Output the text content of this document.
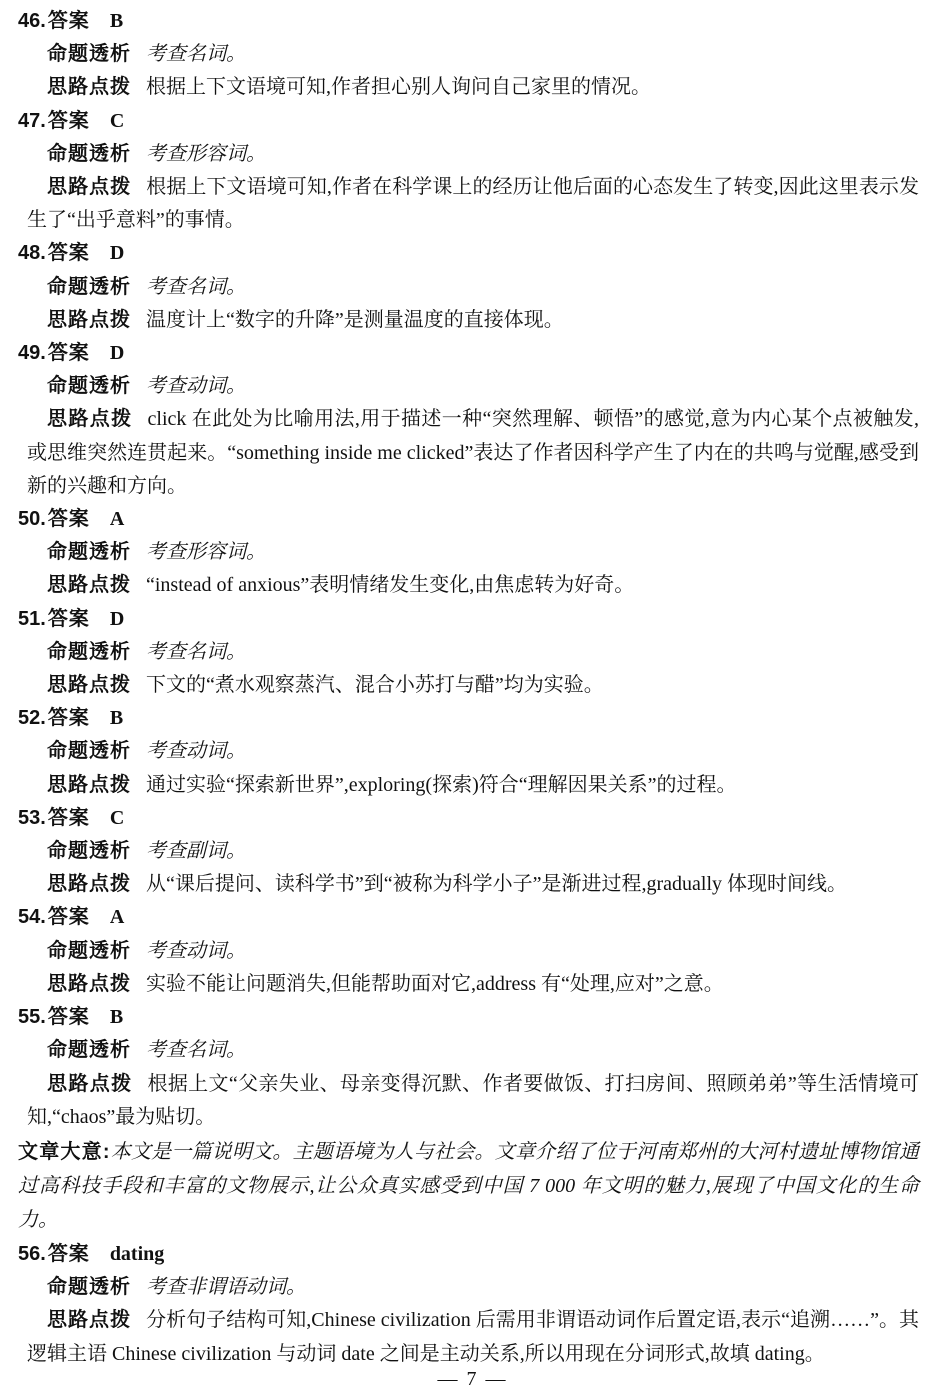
46. 答案 B
命题透析 考查名词。
思路点拨 根据上下文语境可知,作者担心别人询问自己家里的情况。
47. 答案 C
命题透析 考查形容词。
思路点拨 根据上下文语境可知,作者在科学课上的经历让他后面的心态发生了转变,因此这里表示发生了“出乎意料”的事情。
48. 答案 D
命题透析 考查名词。
思路点拨 温度计上“数字的升降”是测量温度的直接体现。
49. 答案 D
命题透析 考查动词。
思路点拨 click 在此处为比喻用法,用于描述一种“突然理解、顿悟”的感觉,意为内心某个点被触发,或思维突然连贯起来。“something inside me clicked”表达了作者因科学产生了内在的共鸣与觉醒,感受到新的兴趣和方向。
50. 答案 A
命题透析 考查形容词。
思路点拨 “instead of anxious”表明情绪发生变化,由焦虑转为好奇。
51. 答案 D
命题透析 考查名词。
思路点拨 下文的“煮水观察蒸汽、混合小苏打与醋”均为实验。
52. 答案 B
命题透析 考查动词。
思路点拨 通过实验“探索新世界”,exploring(探索)符合“理解因果关系”的过程。
53. 答案 C
命题透析 考查副词。
思路点拨 从“课后提问、读科学书”到“被称为科学小子”是渐进过程,gradually 体现时间线。
54. 答案 A
命题透析 考查动词。
思路点拨 实验不能让问题消失,但能帮助面对它,address 有“处理,应对”之意。
55. 答案 B
命题透析 考查名词。
思路点拨 根据上文“父亲失业、母亲变得沉默、作者要做饭、打扫房间、照顾弟弟”等生活情境可知,“chaos”最为贴切。
文章大意:本文是一篇说明文。主题语境为人与社会。文章介绍了位于河南郑州的大河村遗址博物馆通过高科技手段和丰富的文物展示,让公众真实感受到中国 7 000 年文明的魅力,展现了中国文化的生命力。
56. 答案 dating
命题透析 考查非谓语动词。
思路点拨 分析句子结构可知,Chinese civilization 后需用非谓语动词作后置定语,表示“追溯……”。其逻辑主语 Chinese civilization 与动词 date 之间是主动关系,所以用现在分词形式,故填 dating。
— 7 —
